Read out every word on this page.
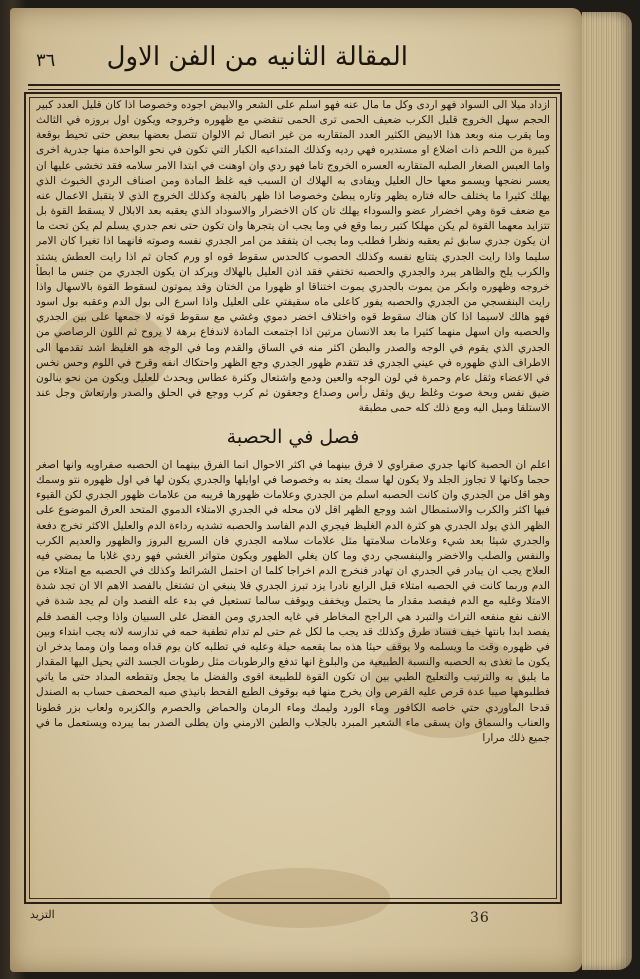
المقالة الثانيه من الفن الاول
٣٦
ازداد ميلا الى السواد فهو اردى وكل ما مال عنه فهو اسلم على الشعر والابيض اجوده وخصوصا اذا كان قليل العدد كبير الحجم سهل الخروج قليل الكرب ضعيف الحمى ترى الحمى تنقضي مع ظهوره وخروجه ويكون اول بروزه في الثالث وما يقرب منه وبعد هذا الابيض الكثير العدد المتقاربه من غير اتصال ثم الالوان تتصل بعضها ببعض حتى تحيط بوقعة كبيرة من اللحم ذات اضلاع او مستديره فهي رديه وكذلك المتداعيه الكبار التي تكون في نحو الواحدة منها جدرية اخرى واما العبس الصغار الصلبه المتقاربه العسره الخروج تاما فهو ردي وان اوهنت في ابتدا الامر سلامه فقد تخشى عليها ان يعسر نضجها ويسمو معها حال العليل ويفادى به الهلاك ان السبب فيه غلظ المادة ومن اصناف الردي الخبوث الذي يهلك كثيرا ما يختلف حاله فتاره يظهر وتاره يبطئ وخصوصا اذا ظهر بالفجة وكذلك الخروج الذي لا يتقبل الاعمال عنه مع ضعف قوة وهي اخضرار عضو والسوداء يهلك تان كان الاخضرار والاسوداد الذي يعقبه بعد الابلال لا يسقط القوة بل تتزايد معهما القوة لم يكن مهلكا كتير ربما وقع في وما يجب ان يتجرها وان تكون حتى نعم جدري يسلم لم يكن تحت ما ان يكون جدري سابق ثم يعقبه ونظرا فطلب وما يجب ان يتفقد من امر الجدري نفسه وصوته فانهما اذا تغيرا كان الامر سليما واذا رايت الجدري يتتابع نفسه وكذلك الحصوب كالحدس سقوط قوه او ورم كجان ثم اذا رايت العطش يشتد والكرب يلح والظاهر يبرد والجدري والحصبه تختفي فقد اذن العليل بالهلاك ويركد ان يكون الجدري من جنس ما ابطأ خروجه وظهوره وابكر من يموت بالجدري يموت اختناقا او ظهورا من الختان وقد يموتون لسقوط القوة بالاسهال واذا رايت البنفسجي من الجدري والحصبه يفور كاعلى ماه سقيفتي على العليل واذا اسرع الى بول الدم وعقبه بول اسود فهو هالك لاسيما اذا كان هناك سقوط قوه واختلاف اخضر دموي وغشي مع سقوط قوته لا جمعها على بين الجدري والحصبه وان اسهل منهما كثيرا ما بعد الانسان مرتين اذا اجتمعت المادة لاندفاع برهة لا يروح ثم اللون الرصاصي من الجدري الذي يقوم في الوجه والصدر والبطن اكثر منه في الساق والقدم وما في الوجه هو الغليظ اشد تقدمها الى الاطراف الذي ظهوره في عيني الجدري قد تتقدم ظهور الجدري وجع الظهر واحتكاك انفه وقرح في اللوم وحس نخس في الاعضاء وثقل عام وحمرة في لون الوجه والعين ودمع واشتعال وكثرة عطاس ويحدث للعليل ويكون من نحو ينالون ضيق نفس وبحة صوت وغلظ ريق وثقل رأس وصداع وجعقون ثم كرب ووجع في الحلق والصدر وارتعاش وجل عند الاستلقا وميل اليه ومع ذلك كله حمى مطبقة
فصل في الحصبة
اعلم ان الحصبة كانها جدري صفراوي لا فرق بينهما في اكثر الاحوال انما الفرق بينهما ان الحصبه صفراويه وانها اصغر حجما وكانها لا تجاوز الجلد ولا يكون لها سمك يعتد به وخصوصا في اوايلها والجدري يكون لها في اول ظهوره نتو وسمك وهو اقل من الجدري وان كانت الحصبه اسلم من الجدري وعلامات ظهورها قريبه من علامات ظهور الجدري لكن القيوء فيها اكثر والكرب والاستمطال اشد ووجع الظهر اقل لان محله في الجدري الامتلاء الدموي المتحد العرق الموضوع على الظهر الذي يولد الجدري هو كثرة الدم الغليظ فيجري الدم الفاسد والحصبه تشديه رداءة الدم والعليل الاكثر تخرج دفعة والجدري شيئا بعد شيء وعلامات سلامتها مثل علامات سلامه الجدري فان السريع البروز والظهور والعديم الكرب والنفس والصلب والاخضر والبنفسجي ردي وما كان يغلي الظهور ويكون متواتر الغشي فهو ردي غلابا ما يمضي فيه العلاج يجب ان يبادر في الجدري ان تهادر فنخرج الدم اخراجا كلما ان احتمل الشرائط وكذلك في الحصبه مع امتلاء من الدم وربما كانت في الحصبه امتلاء قبل الرابع نادرا يزد تبرز الجدري فلا ينبغي ان تشتغل بالفصد الاهم الا ان تجد شدة الامتلا وغليه مع الدم فيفصد مقدار ما يحتمل ويخفف ويوقف سالما تستعيل في بدء عله الفصد وان لم يجد شدة في الانف نفع منفعه التراث والتبرد هي الراجح المخاطر في غايه الجدري ومن الفضل على السبيان واذا وجب الفصد فلم يفصد ابدا بانتها خيف فساد طرق وكذلك قد يجب ما لكل غم حتى لم تدام تطفية حمه في تدارسه لانه يجب ابتداء وبين في ظهوره وقت ما ويسلمه ولا يوقف حيئا هذه بما يقعمه حيلة وعليه في تطلبه كان يوم قداه ومما وان ومما يدخر ان يكون ما تغذى به الحصبه والنسبة الطبيعية من والبلوغ انها تدفع والرطوبات مثل رطوبات الجسد التي يحيل اليها المقدار ما يليق به والترتيب والتعليج الطبي بين ان تكون القوة للطبيعة اقوى والفضل ما يجعل وتقطعه المداد حتى ما ياتي فطلبوهها صيبا عدة قرص عليه القرص وان يخرج منها فيه بوقوف الطبع القحط بانيذي صبه المحصف حساب به الصندل قدحا الماوردي حتي خاصه الكافور وماء الورد وليمك وماء الرمان والحماض والحصرم والكزبره ولعاب بزر قطونا والعناب والسماق وان يسقى ماء الشعير المبرد بالجلاب والطين الارمني وان يطلى الصدر بما يبرده ويستعمل ما في جميع ذلك مرارا
التزيد	36
